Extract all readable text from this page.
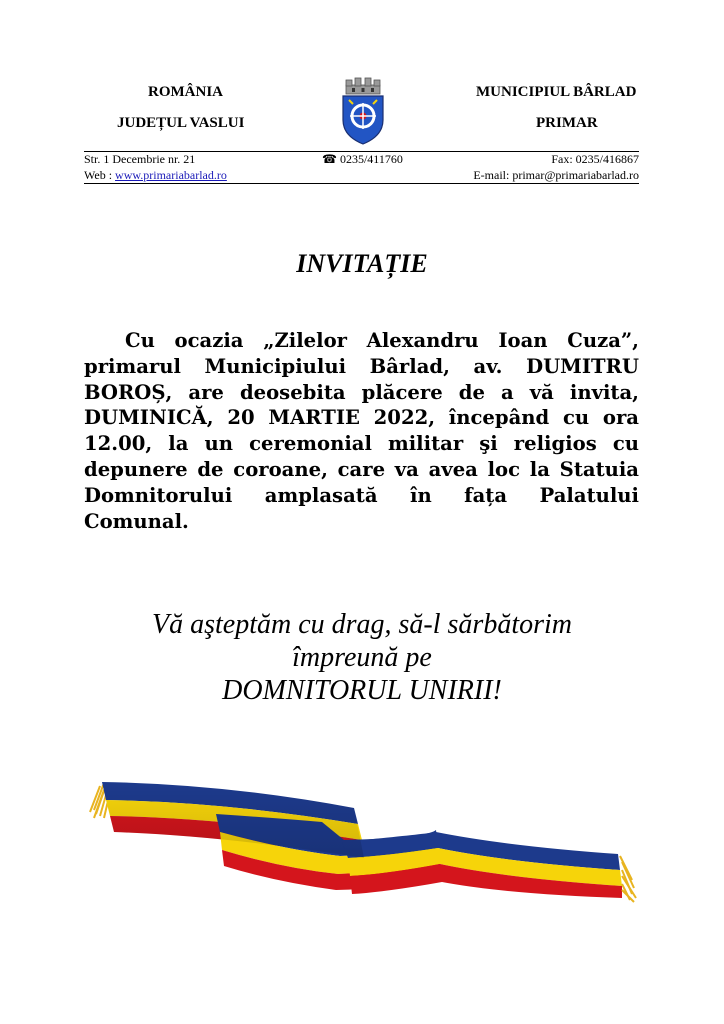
ROMÂNIA
JUDEȚUL VASLUI
MUNICIPIUL BÂRLAD
PRIMAR
Str. 1 Decembrie nr. 21	☎ 0235/411760	Fax: 0235/416867
Web : www.primariabarlad.ro	E-mail: primar@primariabarlad.ro
INVITAȚIE
Cu ocazia „Zilelor Alexandru Ioan Cuza”, primarul Municipiului Bârlad, av. DUMITRU BOROȘ, are deosebita plăcere de a vă invita, DUMINICĂ, 20 MARTIE 2022, începând cu ora 12.00, la un ceremonial militar şi religios cu depunere de coroane, care va avea loc la Statuia Domnitorului amplasată în fața Palatului Comunal.
Vă aşteptăm cu drag, să-l sărbătorim
împreună pe
DOMNITORUL UNIRII!
